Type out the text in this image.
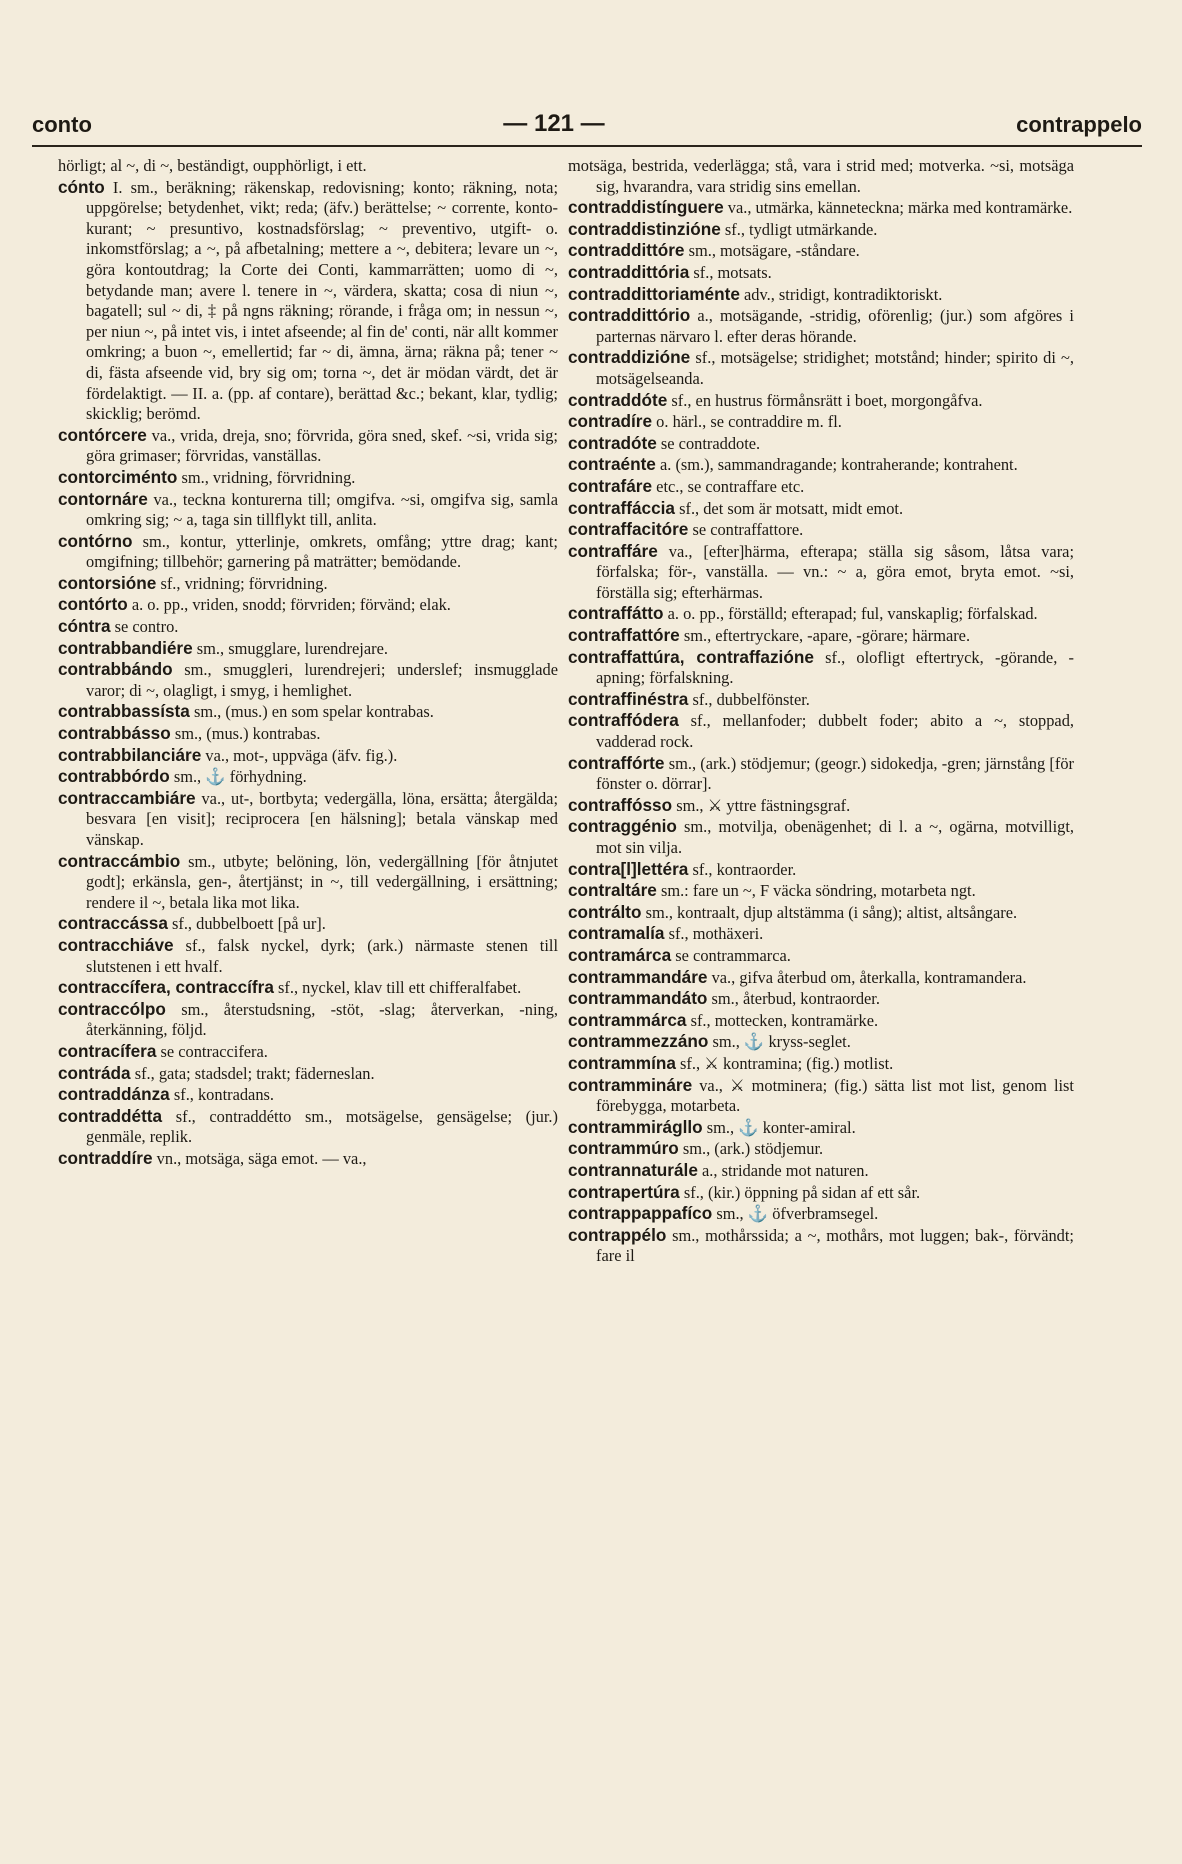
conto	— 121 —	contrappelo

hörligt; al ~, di ~, beständigt, oupphörligt, i ett.

cónto I. sm., beräkning; räkenskap, redovisning; konto; räkning, nota; uppgörelse; betydenhet, vikt; reda; (äfv.) berättelse; ~ corrente, konto-kurant; ~ presuntivo, kostnadsförslag; ~ preventivo, utgift- o. inkomstförslag; a ~, på afbetalning; mettere a ~, debitera; levare un ~, göra kontoutdrag; la Corte dei Conti, kammarrätten; uomo di ~, betydande man; avere l. tenere in ~, värdera, skatta; cosa di niun ~, bagatell; sul ~ di, ‡ på ngns räkning; rörande, i fråga om; in nessun ~, per niun ~, på intet vis, i intet afseende; al fin de' conti, när allt kommer omkring; a buon ~, emellertid; far ~ di, ämna, ärna; räkna på; tener ~ di, fästa afseende vid, bry sig om; torna ~, det är mödan värdt, det är fördelaktigt. — II. a. (pp. af contare), berättad &c.; bekant, klar, tydlig; skicklig; berömd.

contórcere va., vrida, dreja, sno; förvrida, göra sned, skef. ~si, vrida sig; göra grimaser; förvridas, vanställas.

contorciménto sm., vridning, förvridning.

contornáre va., teckna konturerna till; omgifva. ~si, omgifva sig, samla omkring sig; ~ a, taga sin tillflykt till, anlita.

contórno sm., kontur, ytterlinje, omkrets, omfång; yttre drag; kant; omgifning; tillbehör; garnering på maträtter; bemödande.

contorsióne sf., vridning; förvridning.

contórto a. o. pp., vriden, snodd; förvriden; förvänd; elak.

cóntra se contro.

contrabbandiére sm., smugglare, lurendrejare.

contrabbándo sm., smuggleri, lurendrejeri; underslef; insmugglade varor; di ~, olagligt, i smyg, i hemlighet.

contrabbassísta sm., (mus.) en som spelar kontrabas.

contrabbásso sm., (mus.) kontrabas.

contrabbilanciáre va., mot-, uppväga (äfv. fig.).

contrabbórdo sm., ⚓ förhydning.

contraccambiáre va., ut-, bortbyta; vedergälla, löna, ersätta; återgälda; besvara [en visit]; reciprocera [en hälsning]; betala vänskap med vänskap.

contraccámbio sm., utbyte; belöning, lön, vedergällning [för åtnjutet godt]; erkänsla, gen-, återtjänst; in ~, till vedergällning, i ersättning; rendere il ~, betala lika mot lika.

contraccássa sf., dubbelboett [på ur].

contracchiáve sf., falsk nyckel, dyrk; (ark.) närmaste stenen till slutstenen i ett hvalf.

contraccífera, contraccífra sf., nyckel, klav till ett chifferalfabet.

contraccólpo sm., återstudsning, -stöt, -slag; återverkan, -ning, återkänning, följd.

contracífera se contraccifera.

contráda sf., gata; stadsdel; trakt; fäderneslan.

contraddánza sf., kontradans.

contraddétta sf., contraddétto sm., motsägelse, gensägelse; (jur.) genmäle, replik.

contraddíre vn., motsäga, säga emot. — va.,

motsäga, bestrida, vederlägga; stå, vara i strid med; motverka. ~si, motsäga sig, hvarandra, vara stridig sins emellan.

contraddistínguere va., utmärka, känneteckna; märka med kontramärke.

contraddistinzióne sf., tydligt utmärkande.

contraddittóre sm., motsägare, -ståndare.

contraddittória sf., motsats.

contraddittoriaménte adv., stridigt, kontradiktoriskt.

contraddittório a., motsägande, -stridig, oförenlig; (jur.) som afgöres i parternas närvaro l. efter deras hörande.

contraddizióne sf., motsägelse; stridighet; motstånd; hinder; spirito di ~, motsägelseanda.

contraddóte sf., en hustrus förmånsrätt i boet, morgongåfva.

contradíre o. härl., se contraddire m. fl.

contradóte se contraddote.

contraénte a. (sm.), sammandragande; kontraherande; kontrahent.

contrafáre etc., se contraffare etc.

contraffáccia sf., det som är motsatt, midt emot.

contraffacitóre se contraffattore.

contraffáre va., [efter]härma, efterapa; ställa sig såsom, låtsa vara; förfalska; för-, vanställa. — vn.: ~ a, göra emot, bryta emot. ~si, förställa sig; efterhärmas.

contraffátto a. o. pp., förställd; efterapad; ful, vanskaplig; förfalskad.

contraffattóre sm., eftertryckare, -apare, -görare; härmare.

contraffattúra, contraffazióne sf., olofligt eftertryck, -görande, -apning; förfalskning.

contraffinéstra sf., dubbelfönster.

contraffódera sf., mellanfoder; dubbelt foder; abito a ~, stoppad, vadderad rock.

contraffórte sm., (ark.) stödjemur; (geogr.) sidokedja, -gren; järnstång [för fönster o. dörrar].

contraffósso sm., ⚔ yttre fästningsgraf.

contraggénio sm., motvilja, obenägenhet; di l. a ~, ogärna, motvilligt, mot sin vilja.

contra[l]lettéra sf., kontraorder.

contraltáre sm.: fare un ~, F väcka söndring, motarbeta ngt.

contrálto sm., kontraalt, djup altstämma (i sång); altist, altsångare.

contramalía sf., mothäxeri.

contramárca se contrammarca.

contrammandáre va., gifva återbud om, återkalla, kontramandera.

contrammandáto sm., återbud, kontraorder.

contrammárca sf., mottecken, kontramärke.

contrammezzáno sm., ⚓ kryss-seglet.

contrammína sf., ⚔ kontramina; (fig.) motlist.

contrammináre va., ⚔ motminera; (fig.) sätta list mot list, genom list förebygga, motarbeta.

contrammirágllo sm., ⚓ konter-amiral.

contrammúro sm., (ark.) stödjemur.

contrannaturále a., stridande mot naturen.

contrapertúra sf., (kir.) öppning på sidan af ett sår.

contrappappafíco sm., ⚓ öfverbramsegel.

contrappélo sm., mothårssida; a ~, mothårs, mot luggen; bak-, förvändt; fare il
